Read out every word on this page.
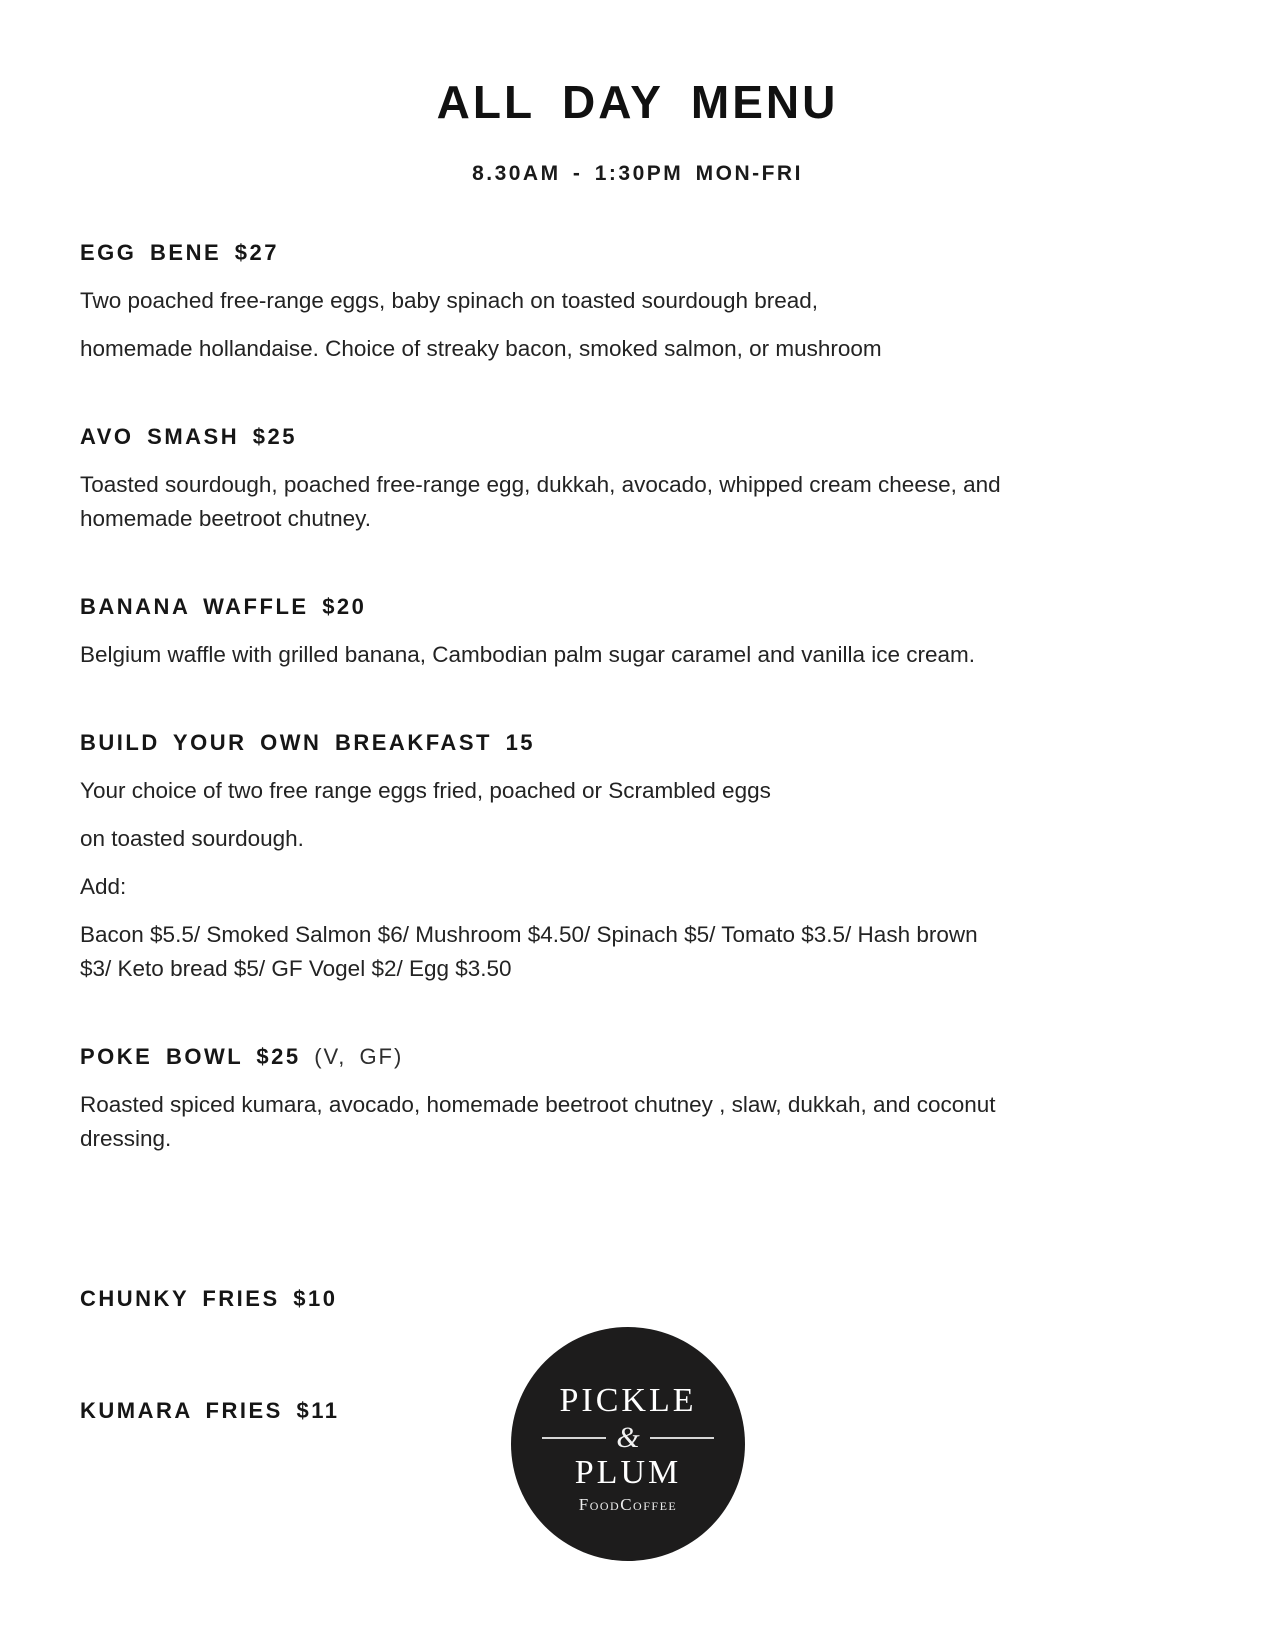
ALL DAY MENU
8.30AM - 1:30PM MON-FRI
EGG BENE $27

Two poached free-range eggs, baby spinach on toasted sourdough bread,

homemade hollandaise. Choice of streaky bacon, smoked salmon, or mushroom

AVO SMASH $25

Toasted sourdough, poached free-range egg, dukkah, avocado, whipped cream cheese, and

homemade beetroot chutney.

BANANA WAFFLE $20

Belgium waffle with grilled banana, Cambodian palm sugar caramel and vanilla ice cream.

BUILD YOUR OWN BREAKFAST 15

Your choice of two free range eggs fried, poached or Scrambled eggs

on toasted sourdough.

Add:

Bacon $5.5/ Smoked Salmon $6/ Mushroom $4.50/ Spinach $5/ Tomato $3.5/ Hash brown

$3/ Keto bread $5/ GF Vogel $2/ Egg $3.50

POKE BOWL $25 (V, GF)

Roasted spiced kumara, avocado, homemade beetroot chutney , slaw, dukkah, and coconut

dressing.

CHUNKY FRIES $10
KUMARA FRIES $11	PICKLE
&
PLUM
FoodCoffee
